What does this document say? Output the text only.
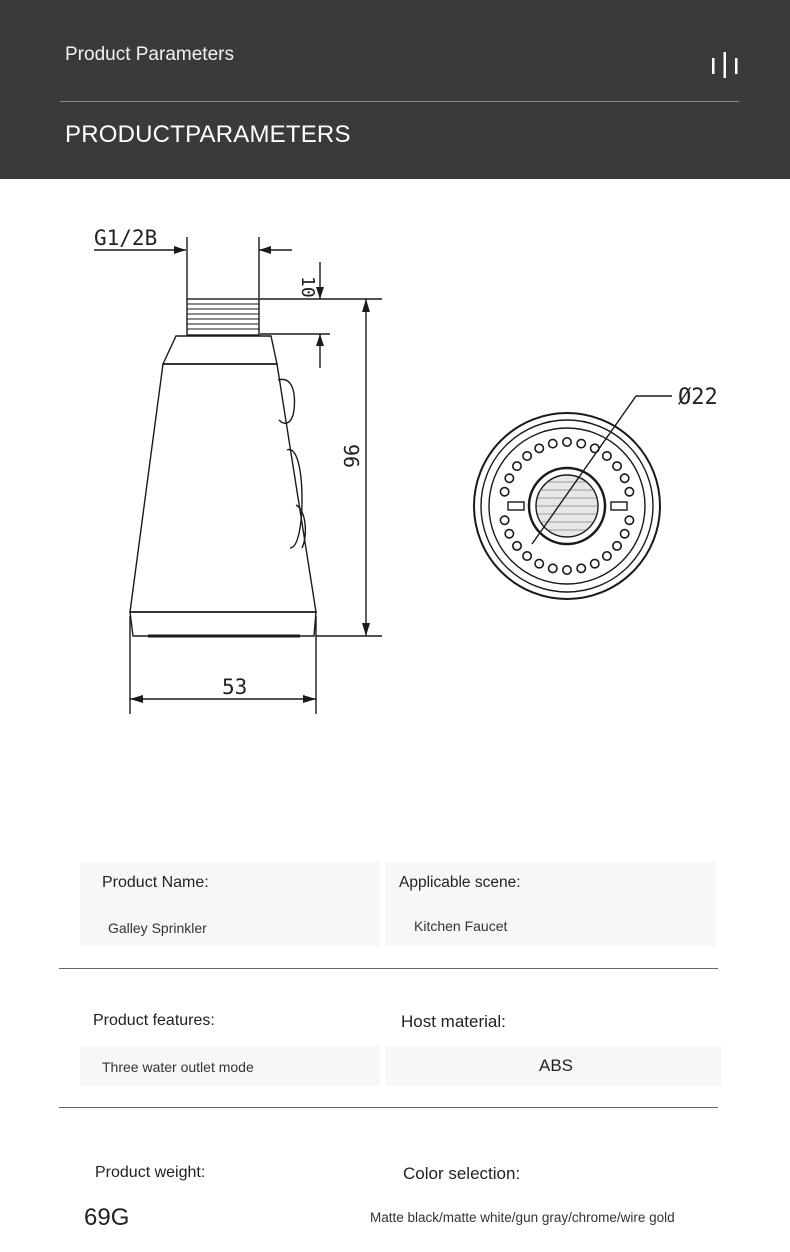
Product Parameters
PRODUCTPARAMETERS
G1/2B
10
96
53
Ø22
Product Name:
Galley Sprinkler
Applicable scene:
Kitchen Faucet
Product features:
Three water outlet mode
Host material:
ABS
Product weight:
69G
Color selection:
Matte black/matte white/gun gray/chrome/wire gold
